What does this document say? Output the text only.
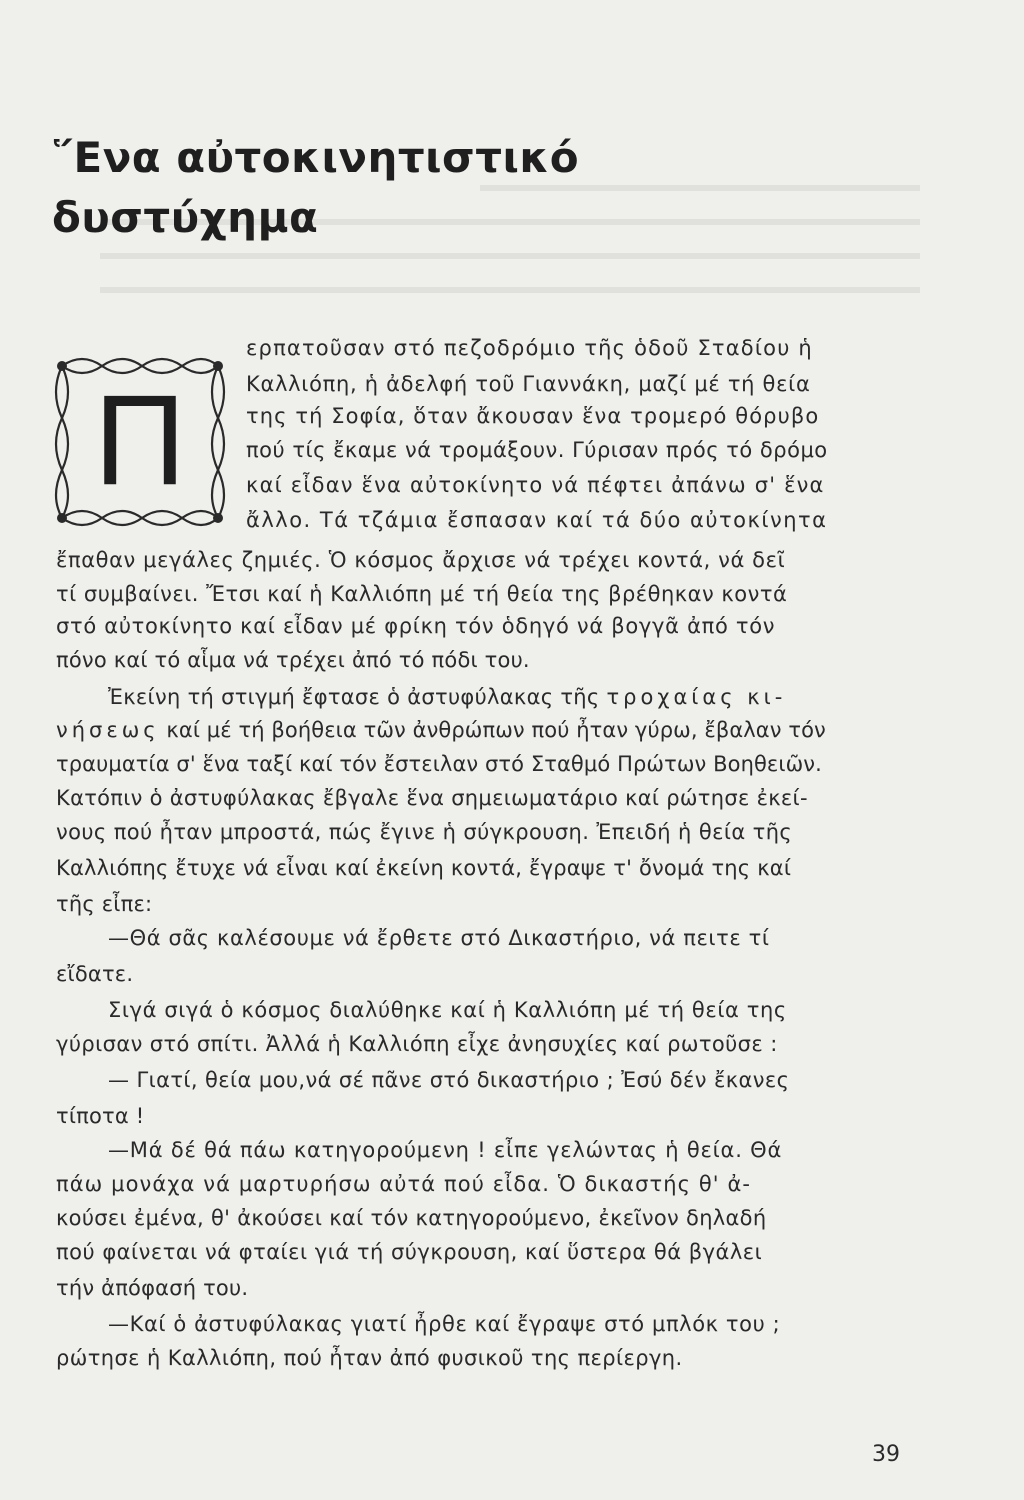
῞Ενα αὐτοκινητιστικό
δυστύχημα
Π
ερπατοῦσαν στό πεζοδρόμιο τῆς ὁδοῦ Σταδίου ἡ
Καλλιόπη, ἡ ἀδελφή τοῦ Γιαννάκη, μαζί μέ τή θεία
της τή Σοφία, ὅταν ἄκουσαν ἕνα τρομερό θόρυβο
πού τίς ἔκαμε νά τρομάξουν. Γύρισαν πρός τό δρόμο
καί εἶδαν ἕνα αὐτοκίνητο νά πέφτει ἀπάνω σ' ἕνα
ἄλλο. Τά τζάμια ἔσπασαν καί τά δύο αὐτοκίνητα
ἔπαθαν μεγάλες ζημιές. Ὁ κόσμος ἄρχισε νά τρέχει κοντά, νά δεῖ
τί συμβαίνει. Ἔτσι καί ἡ Καλλιόπη μέ τή θεία της βρέθηκαν κοντά
στό αὐτοκίνητο καί εἶδαν μέ φρίκη τόν ὁδηγό νά βογγᾶ ἀπό τόν
πόνο καί τό αἷμα νά τρέχει ἀπό τό πόδι του.
Ἐκείνη τή στιγμή ἔφτασε ὁ ἀστυφύλακας τῆς τροχαίας κι-
νήσεως καί μέ τή βοήθεια τῶν ἀνθρώπων πού ἦταν γύρω, ἔβαλαν τόν
τραυματία σ' ἕνα ταξί καί τόν ἔστειλαν στό Σταθμό Πρώτων Βοηθειῶν.
Κατόπιν ὁ ἀστυφύλακας ἔβγαλε ἕνα σημειωματάριο καί ρώτησε ἐκεί-
νους πού ἦταν μπροστά, πώς ἔγινε ἡ σύγκρουση. Ἐπειδή ἡ θεία τῆς
Καλλιόπης ἔτυχε νά εἶναι καί ἐκείνη κοντά, ἔγραψε τ' ὄνομά της καί
τῆς εἶπε:
—Θά σᾶς καλέσουμε νά ἔρθετε στό Δικαστήριο, νά πειτε τί
εἴδατε.
Σιγά σιγά ὁ κόσμος διαλύθηκε καί ἡ Καλλιόπη μέ τή θεία της
γύρισαν στό σπίτι. Ἀλλά ἡ Καλλιόπη εἶχε ἀνησυχίες καί ρωτοῦσε :
— Γιατί, θεία μου,νά σέ πᾶνε στό δικαστήριο ; Ἐσύ δέν ἔκανες
τίποτα !
—Μά δέ θά πάω κατηγορούμενη ! εἶπε γελώντας ἡ θεία. Θά
πάω μονάχα νά μαρτυρήσω αὐτά πού εἶδα. Ὁ δικαστής θ' ἀ-
κούσει ἐμένα, θ' ἀκούσει καί τόν κατηγορούμενο, ἐκεῖνον δηλαδή
πού φαίνεται νά φταίει γιά τή σύγκρουση, καί ὕστερα θά βγάλει
τήν ἀπόφασή του.
—Καί ὁ ἀστυφύλακας γιατί ἦρθε καί ἔγραψε στό μπλόκ του ;
ρώτησε ἡ Καλλιόπη, πού ἦταν ἀπό φυσικοῦ της περίεργη.
39
